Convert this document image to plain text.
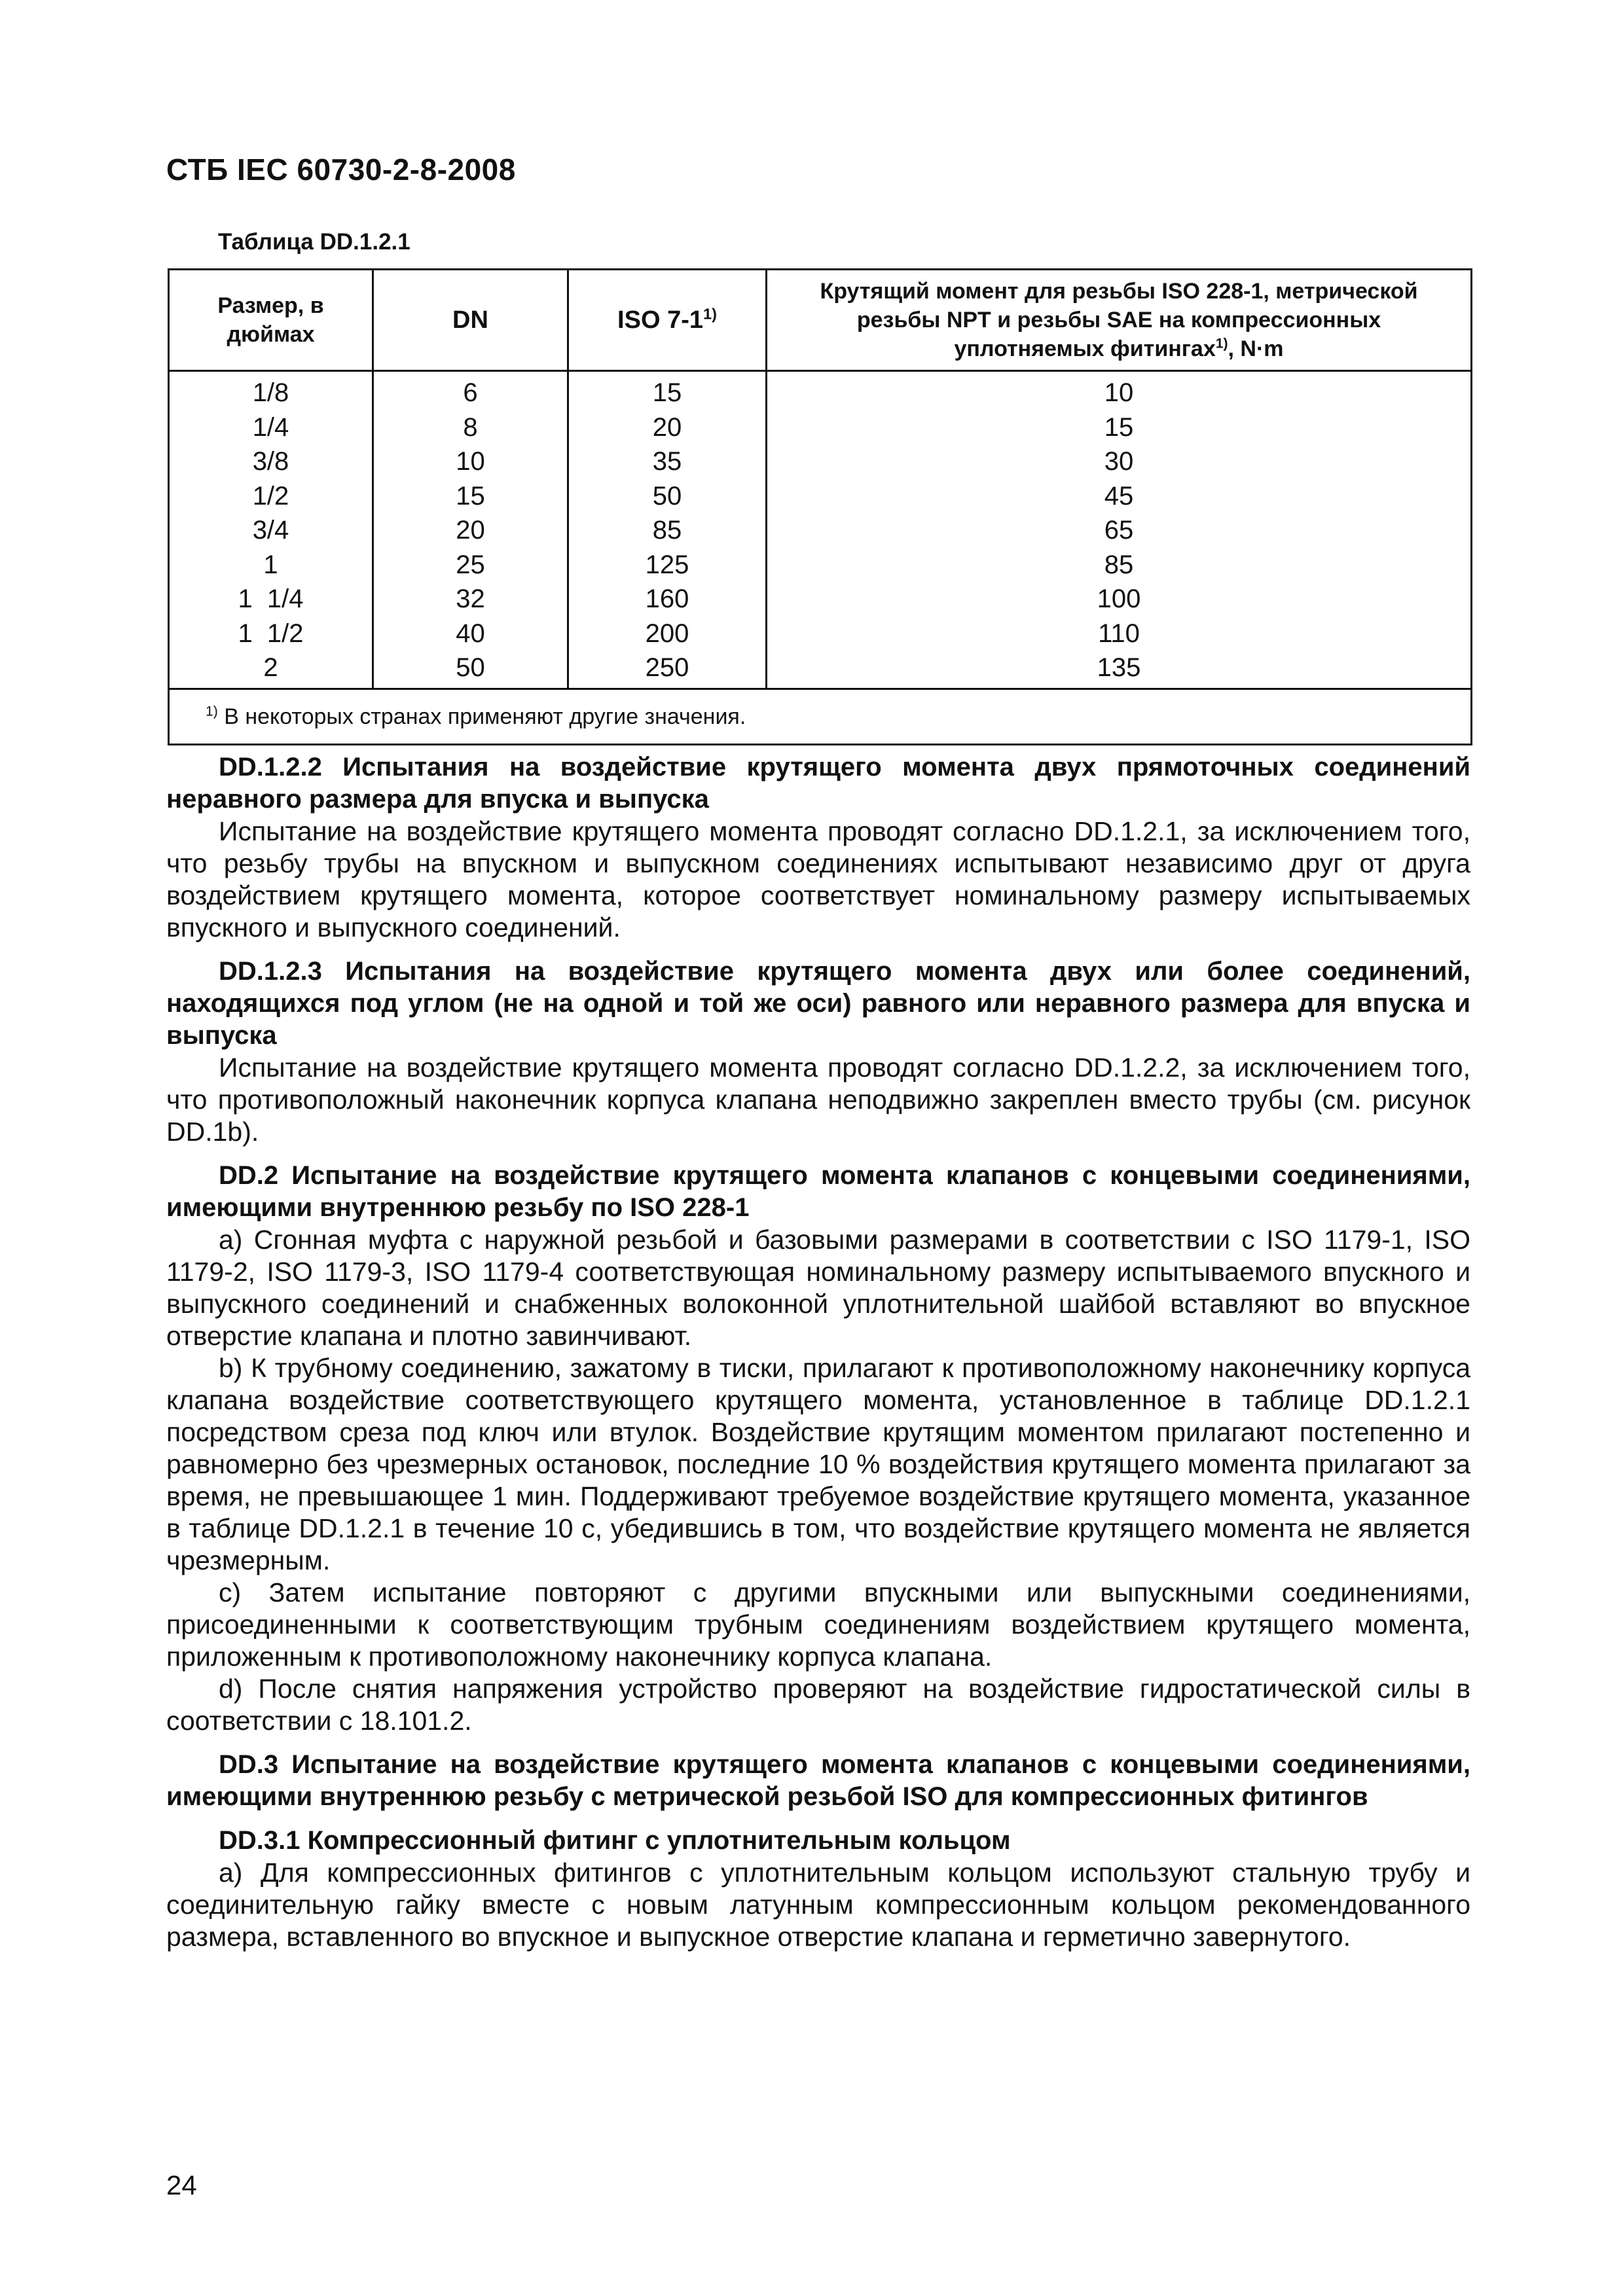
СТБ IEC 60730-2-8-2008
Таблица DD.1.2.1
Размер, в дюймах	DN	ISO 7-1$^{1)}$	Крутящий момент для резьбы ISO 228-1, метрической резьбы NPT и резьбы SAE на компрессионных уплотняемых фитингах$^{1)}$, N·m
1/8	6	15	10
1/4	8	20	15
3/8	10	35	30
1/2	15	50	45
3/4	20	85	65
1	25	125	85
1  1/4	32	160	100
1  1/2	40	200	110
2	50	250	135
$^{1)}$ В некоторых странах применяют другие значения.			

DD.1.2.2 Испытания на воздействие крутящего момента двух прямоточных соединений неравного размера для впуска и выпуска

Испытание на воздействие крутящего момента проводят согласно DD.1.2.1, за исключением того, что резьбу трубы на впускном и выпускном соединениях испытывают независимо друг от друга воздействием крутящего момента, которое соответствует номинальному размеру испытываемых впускного и выпускного соединений.

DD.1.2.3 Испытания на воздействие крутящего момента двух или более соединений, находящихся под углом (не на одной и той же оси) равного или неравного размера для впуска и выпуска

Испытание на воздействие крутящего момента проводят согласно DD.1.2.2, за исключением того, что противоположный наконечник корпуса клапана неподвижно закреплен вместо трубы (см. рисунок DD.1b).

DD.2 Испытание на воздействие крутящего момента клапанов с концевыми соединениями, имеющими внутреннюю резьбу по ISO 228-1

a) Сгонная муфта с наружной резьбой и базовыми размерами в соответствии с ISO 1179-1, ISO 1179-2, ISO 1179-3, ISO 1179-4 соответствующая номинальному размеру испытываемого впускного и выпускного соединений и снабженных волоконной уплотнительной шайбой вставляют во впускное отверстие клапана и плотно завинчивают.

b) К трубному соединению, зажатому в тиски, прилагают к противоположному наконечнику корпуса клапана воздействие соответствующего крутящего момента, установленное в таблице DD.1.2.1 посредством среза под ключ или втулок. Воздействие крутящим моментом прилагают постепенно и равномерно без чрезмерных остановок, последние 10 % воздействия крутящего момента прилагают за время, не превышающее 1 мин. Поддерживают требуемое воздействие крутящего момента, указанное в таблице DD.1.2.1 в течение 10 с, убедившись в том, что воздействие крутящего момента не является чрезмерным.

c) Затем испытание повторяют с другими впускными или выпускными соединениями, присоединенными к соответствующим трубным соединениям воздействием крутящего момента, приложенным к противоположному наконечнику корпуса клапана.

d) После снятия напряжения устройство проверяют на воздействие гидростатической силы в соответствии с 18.101.2.

DD.3 Испытание на воздействие крутящего момента клапанов с концевыми соединениями, имеющими внутреннюю резьбу с метрической резьбой ISO для компрессионных фитингов

DD.3.1 Компрессионный фитинг с уплотнительным кольцом

a) Для компрессионных фитингов с уплотнительным кольцом используют стальную трубу и соединительную гайку вместе с новым латунным компрессионным кольцом рекомендованного размера, вставленного во впускное и выпускное отверстие клапана и герметично завернутого.

24
